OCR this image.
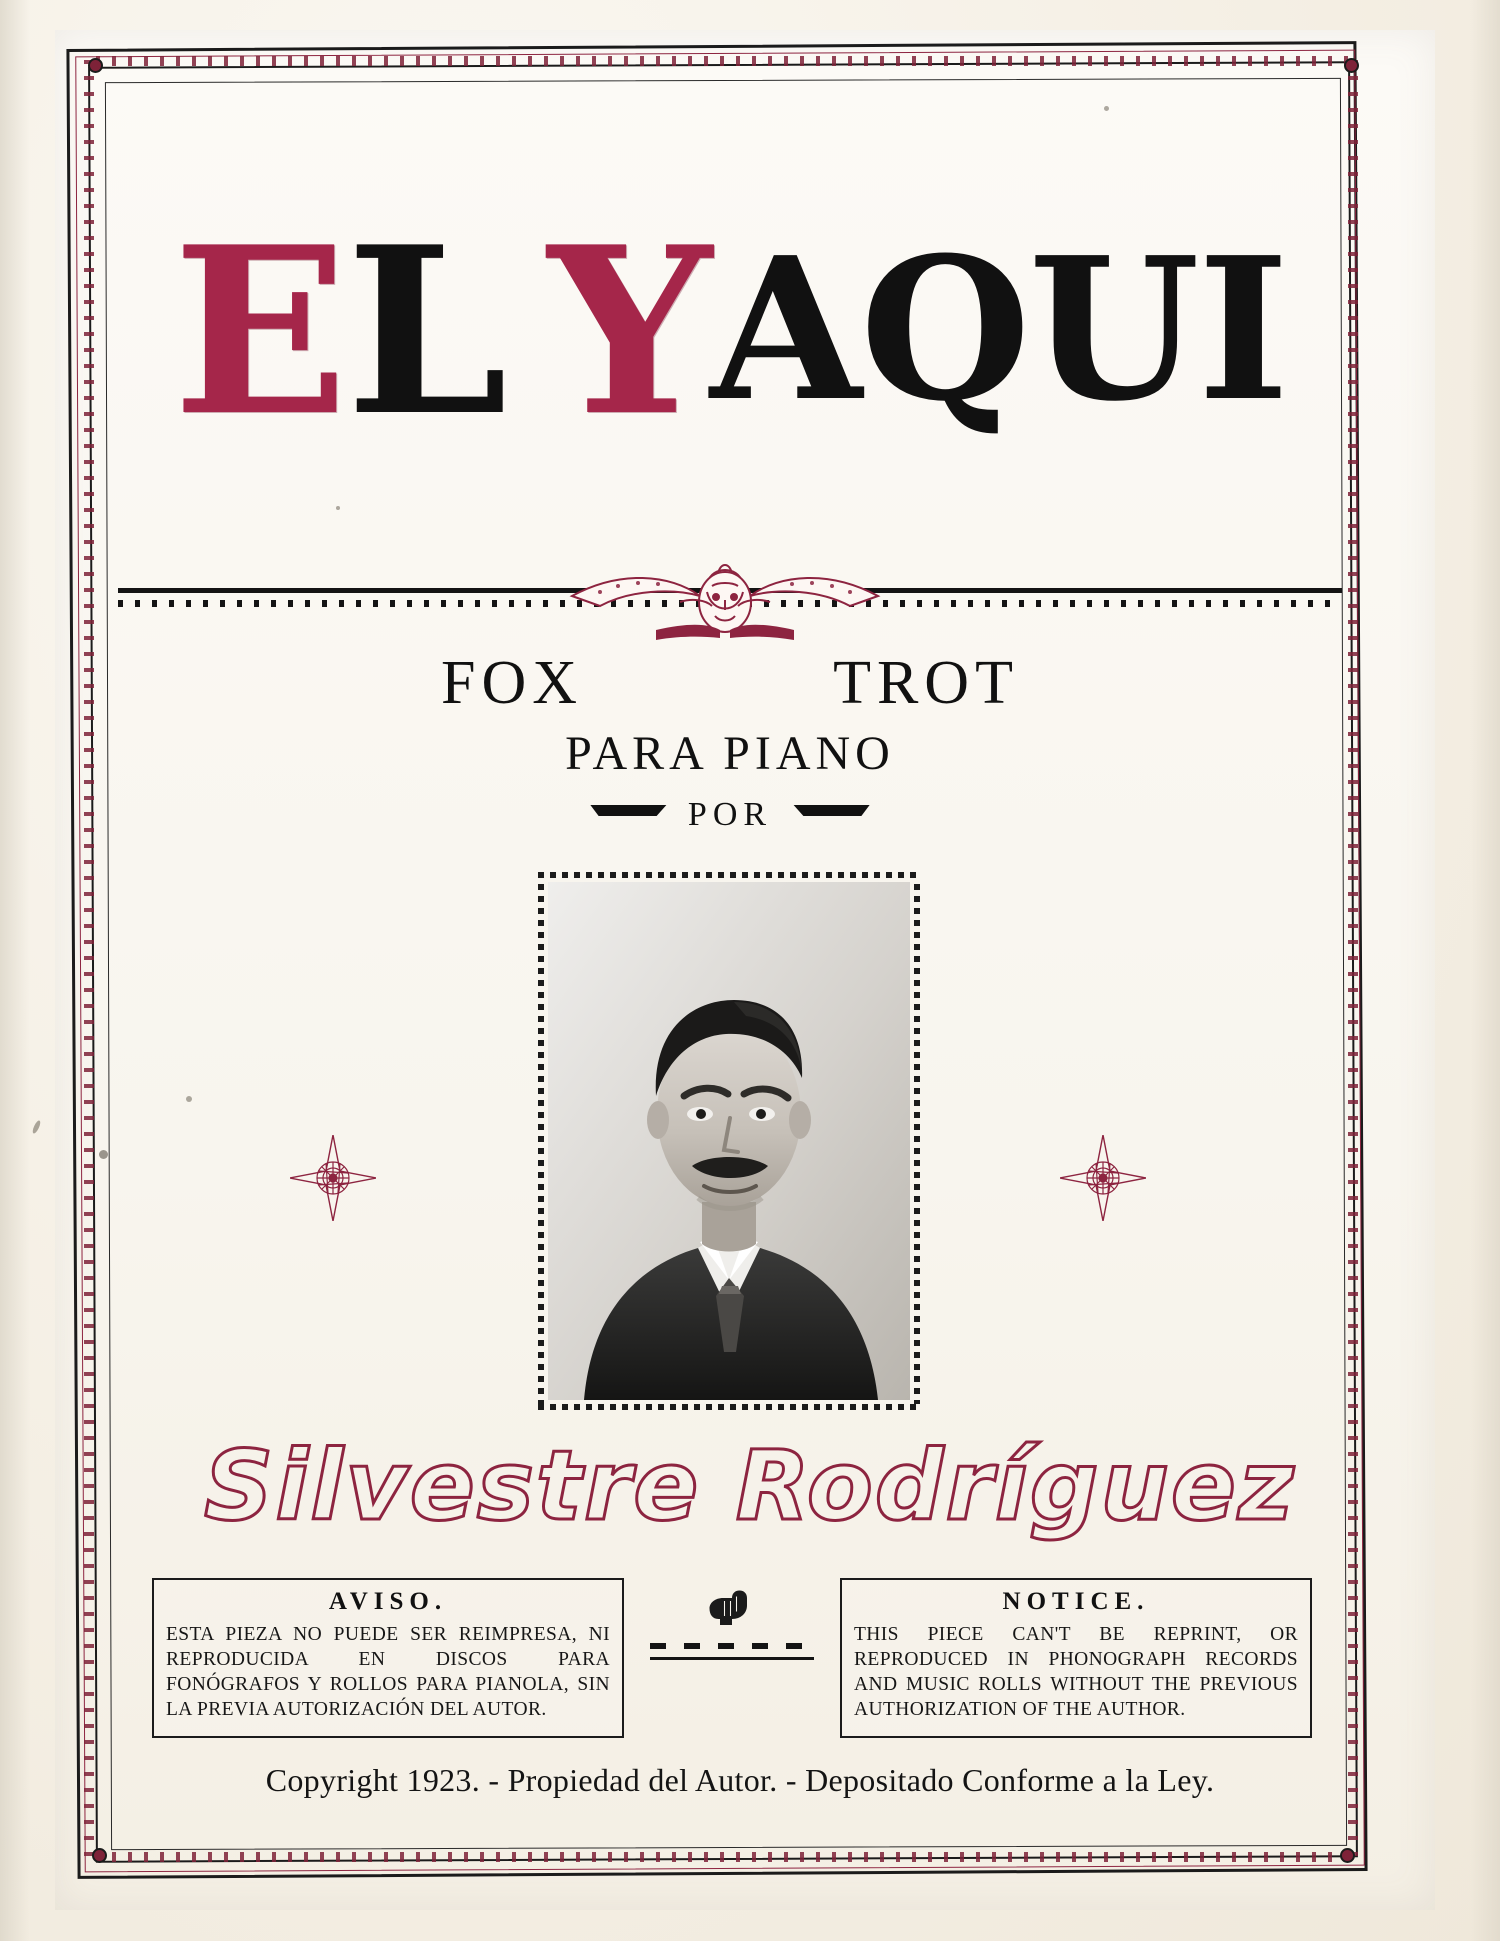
EL YAQUI
FOX	TROT
PARA PIANO
POR
Silvestre Rodríguez
AVISO.
ESTA PIEZA NO PUEDE SER REIMPRESA, NI REPRODUCIDA EN DISCOS PARA FONÓGRAFOS Y ROLLOS PARA PIANOLA, SIN LA PREVIA AUTORIZACIÓN DEL AUTOR.
NOTICE.
THIS PIECE CAN'T BE REPRINT, OR REPRODUCED IN PHONOGRAPH RECORDS AND MUSIC ROLLS WITHOUT THE PREVIOUS AUTHORIZATION OF THE AUTHOR.
Copyright 1923. - Propiedad del Autor. - Depositado Conforme a la Ley.
